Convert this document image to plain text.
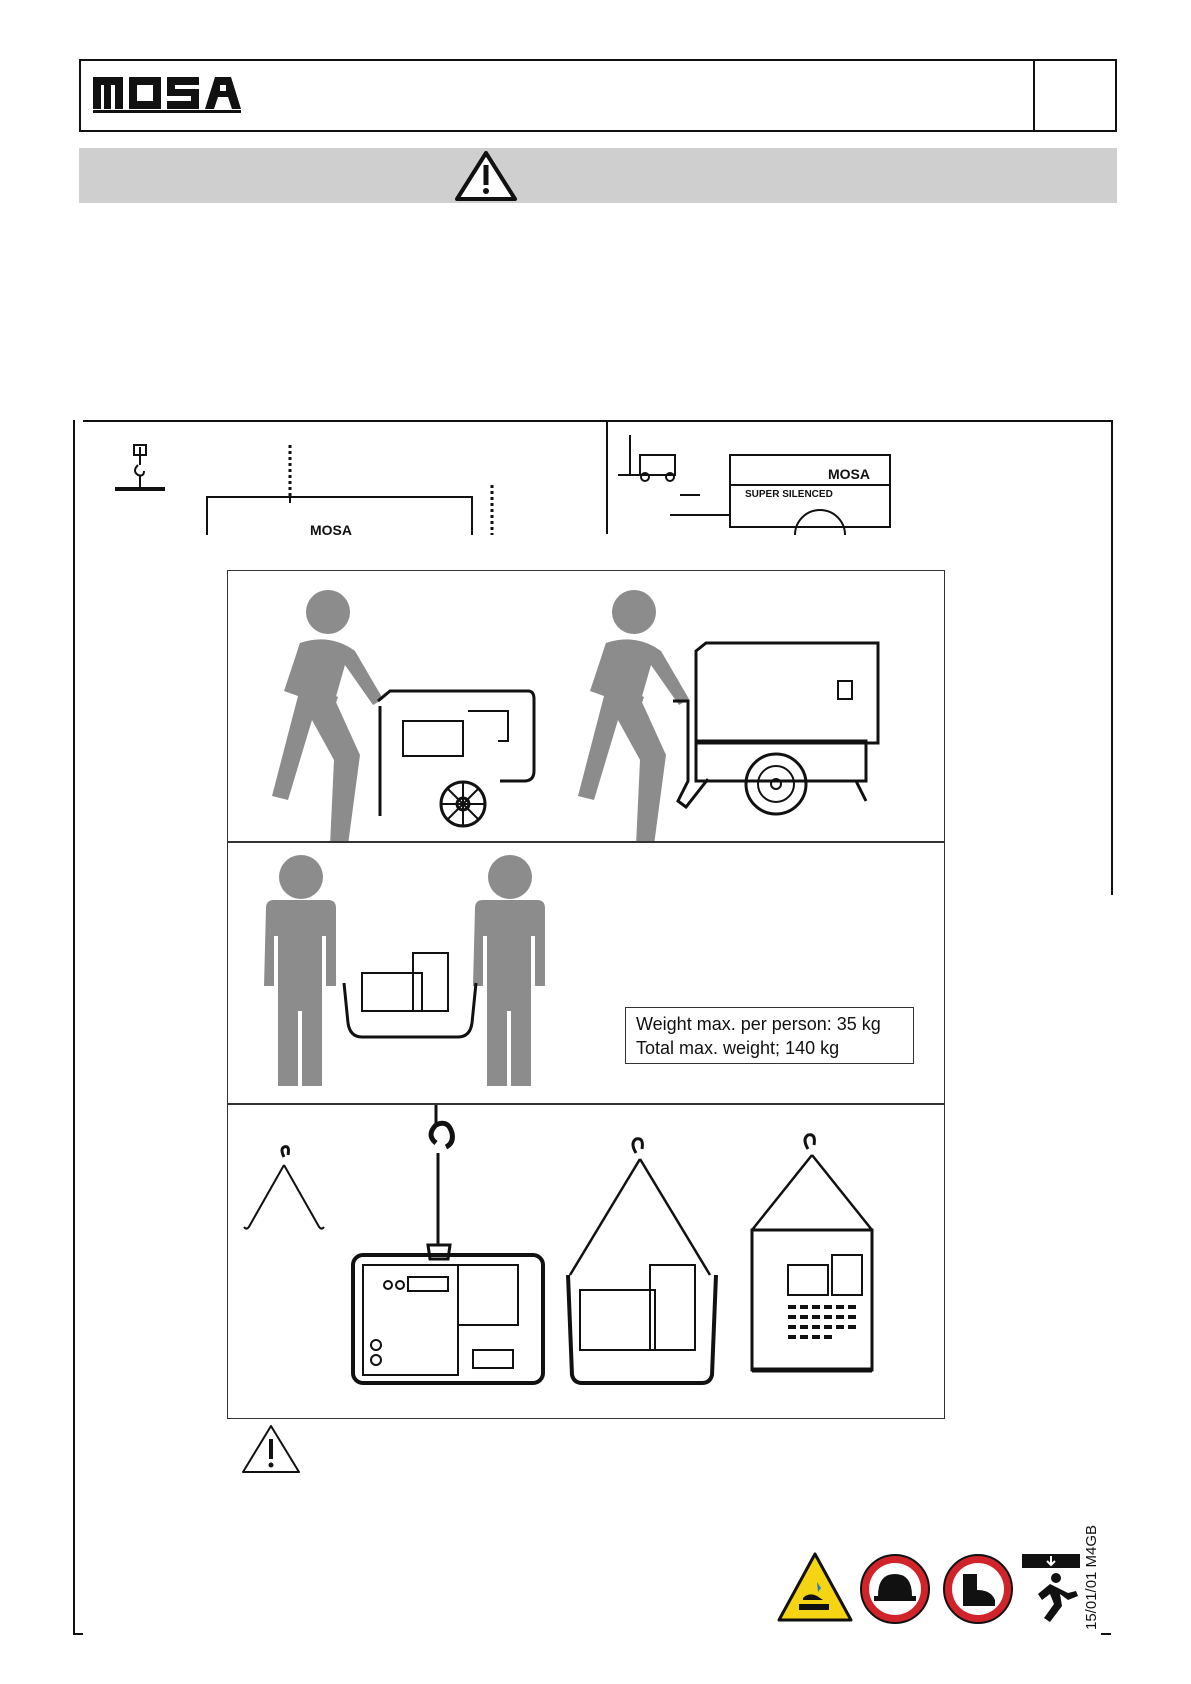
MOSA
SUPER SILENCED
MOSA
Weight max. per person: 35 kg
Total max. weight; 140 kg
15/01/01 M4GB
